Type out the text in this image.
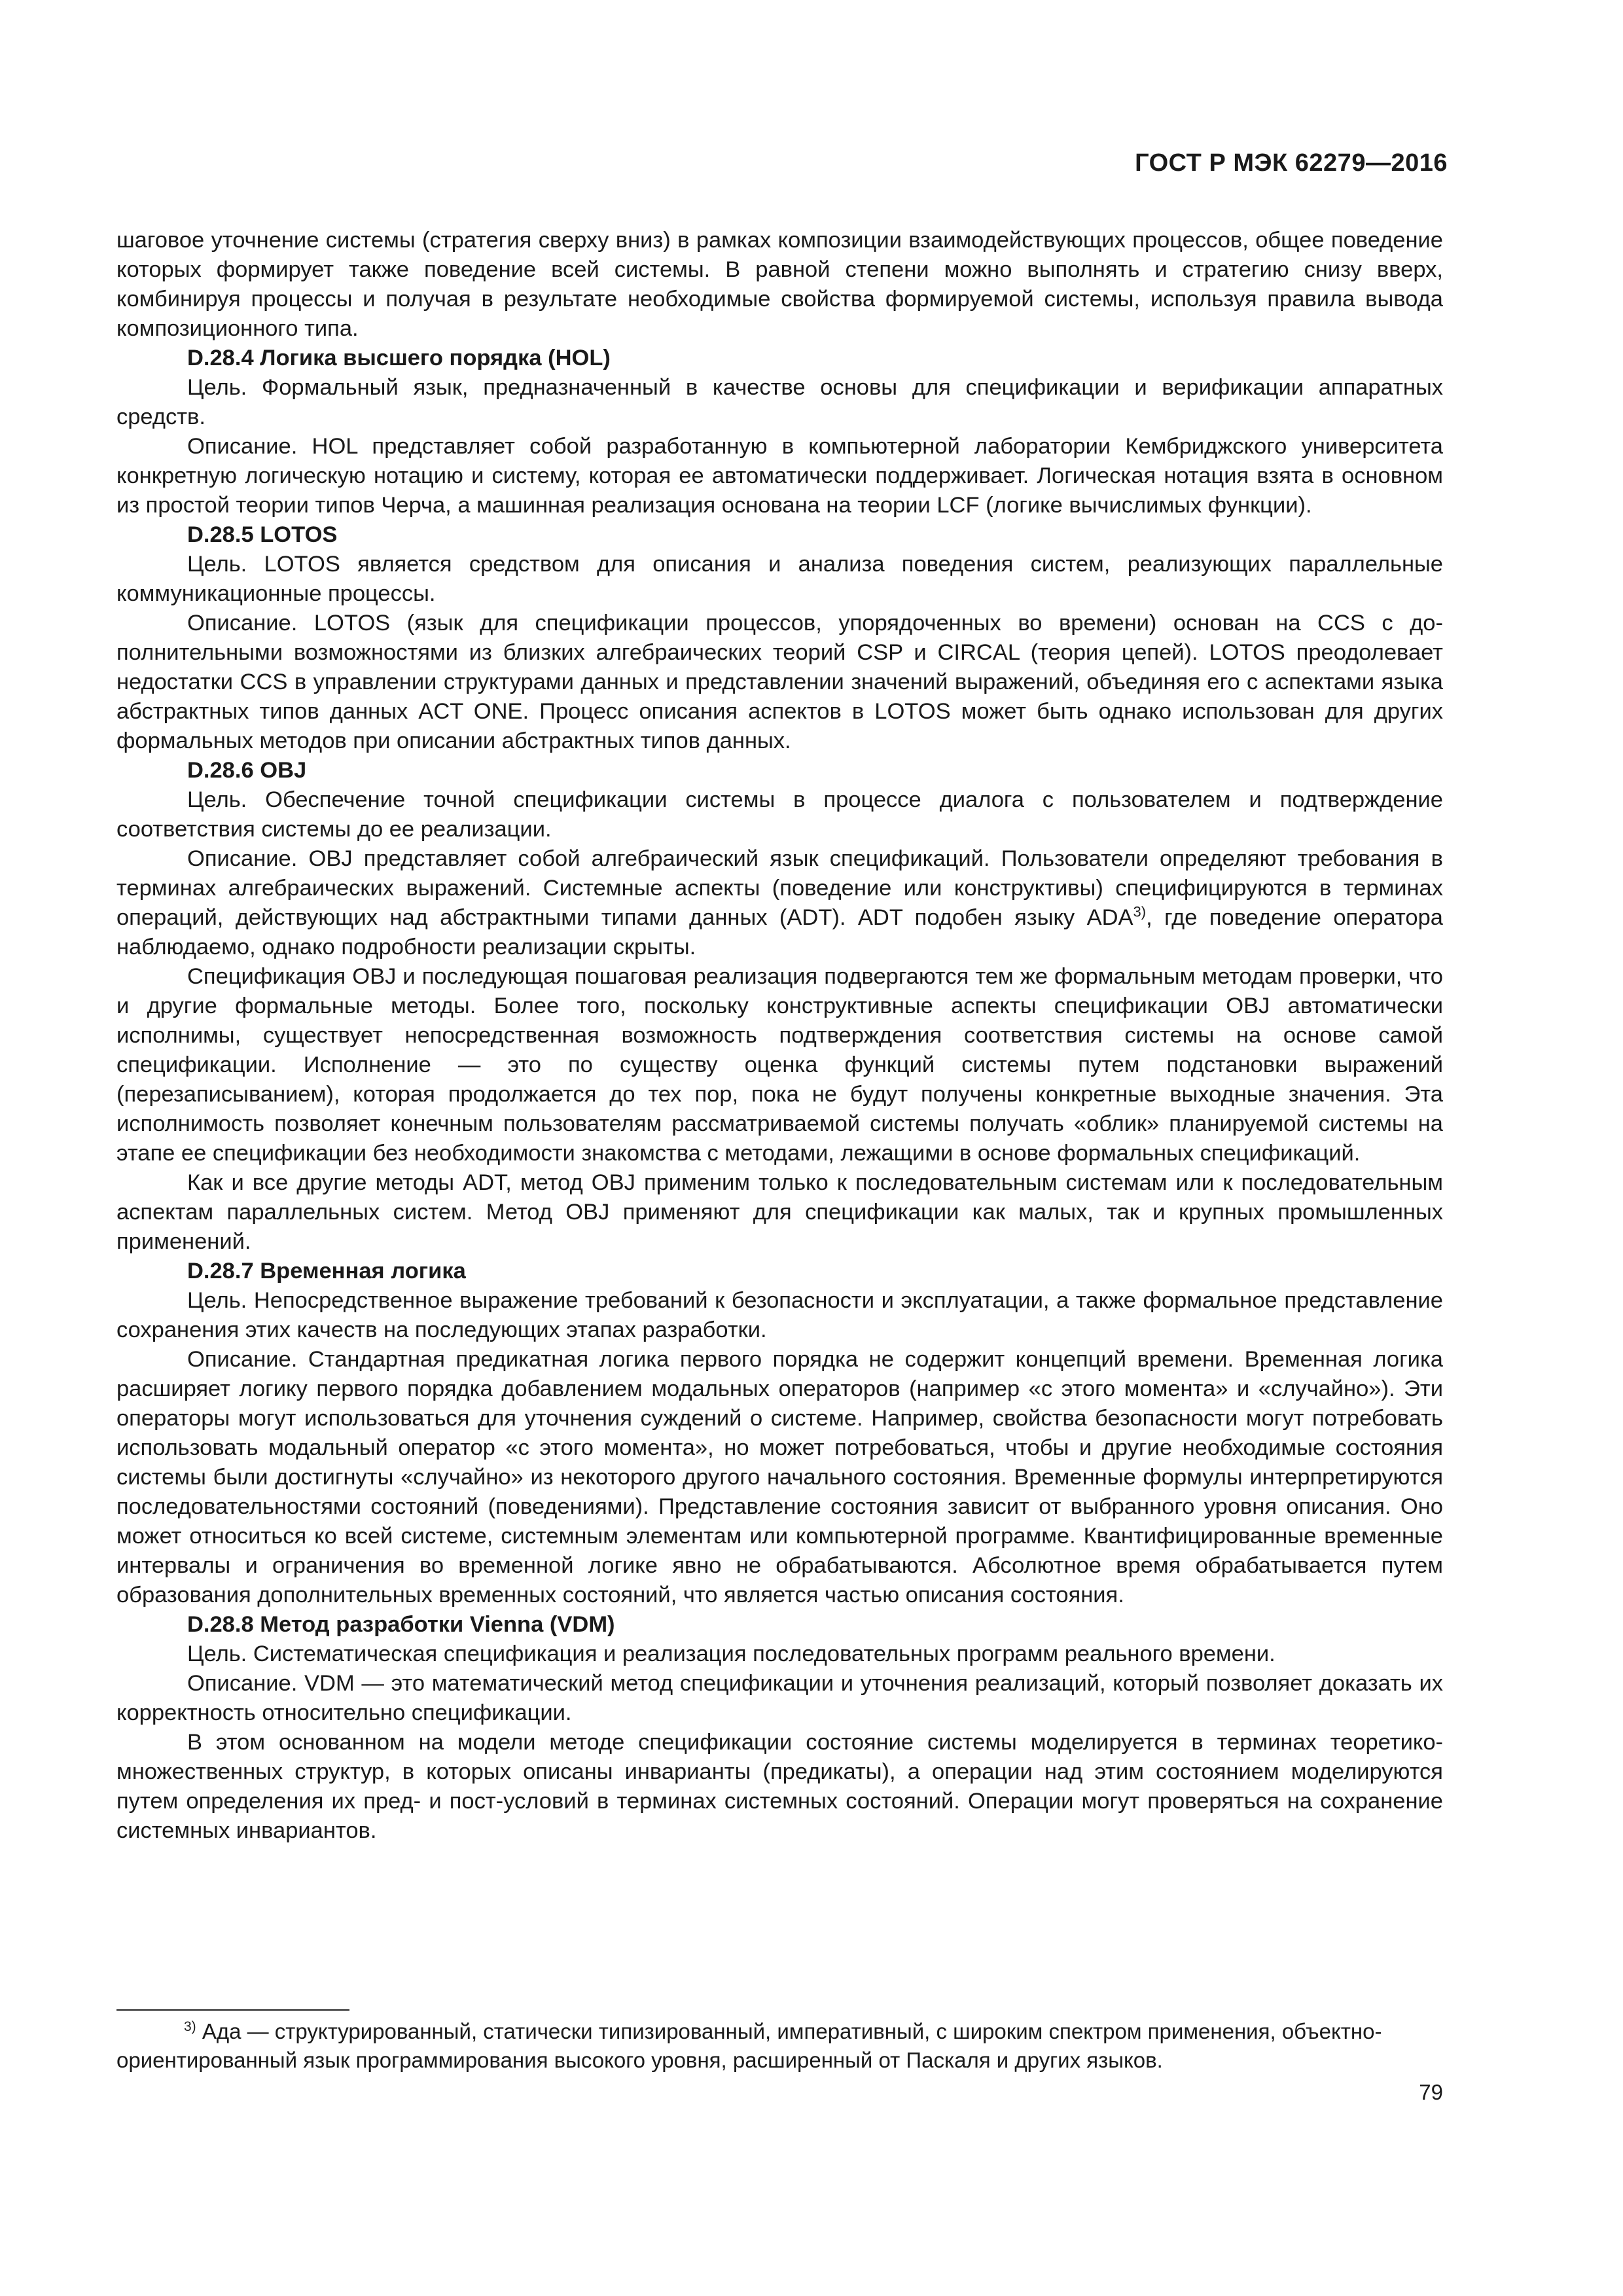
ГОСТ Р МЭК 62279—2016

шаговое уточнение системы (стратегия сверху вниз) в рамках композиции взаимодействующих процессов, общее поведение которых формирует также поведение всей системы. В равной степени можно выполнять и стратегию снизу вверх, комбинируя процессы и получая в результате необходимые свойства формируемой системы, используя правила вывода композиционного типа.

D.28.4 Логика высшего порядка (HOL)

Цель. Формальный язык, предназначенный в качестве основы для спецификации и верификации аппаратных средств.

Описание. HOL представляет собой разработанную в компьютерной лаборатории Кембриджского университета конкретную логическую нотацию и систему, которая ее автоматически поддерживает. Логическая нотация взята в основном из простой теории типов Черча, а машинная реализация основана на теории LCF (логике вычислимых функции).

D.28.5 LOTOS

Цель. LOTOS является средством для описания и анализа поведения систем, реализующих параллельные коммуникационные процессы.

Описание. LOTOS (язык для спецификации процессов, упорядоченных во времени) основан на CCS с дополнительными возможностями из близких алгебраических теорий CSP и CIRCAL (теория цепей). LOTOS преодолевает недостатки CCS в управлении структурами данных и представлении значений выражений, объединяя его с аспектами языка абстрактных типов данных ACT ONE. Процесс описания аспектов в LOTOS может быть однако использован для других формальных методов при описании абстрактных типов данных.

D.28.6 OBJ

Цель. Обеспечение точной спецификации системы в процессе диалога с пользователем и подтверждение соответствия системы до ее реализации.

Описание. OBJ представляет собой алгебраический язык спецификаций. Пользователи определяют требования в терминах алгебраических выражений. Системные аспекты (поведение или конструктивы) специфицируются в терминах операций, действующих над абстрактными типами данных (ADT). ADT подобен языку ADA$^{3)}$, где поведение оператора наблюдаемо, однако подробности реализации скрыты.

Спецификация OBJ и последующая пошаговая реализация подвергаются тем же формальным методам проверки, что и другие формальные методы. Более того, поскольку конструктивные аспекты спецификации OBJ автоматически исполнимы, существует непосредственная возможность подтверждения соответствия системы на основе самой спецификации. Исполнение — это по существу оценка функций системы путем подстановки выражений (перезаписыванием), которая продолжается до тех пор, пока не будут получены конкретные выходные значения. Эта исполнимость позволяет конечным пользователям рассматриваемой системы получать «облик» планируемой системы на этапе ее спецификации без необходимости знакомства с методами, лежащими в основе формальных спецификаций.

Как и все другие методы ADT, метод OBJ применим только к последовательным системам или к последовательным аспектам параллельных систем. Метод OBJ применяют для спецификации как малых, так и крупных промышленных применений.

D.28.7 Временная логика

Цель. Непосредственное выражение требований к безопасности и эксплуатации, а также формальное представление сохранения этих качеств на последующих этапах разработки.

Описание. Стандартная предикатная логика первого порядка не содержит концепций времени. Временная логика расширяет логику первого порядка добавлением модальных операторов (например «с этого момента» и «случайно»). Эти операторы могут использоваться для уточнения суждений о системе. Например, свойства безопасности могут потребовать использовать модальный оператор «с этого момента», но может потребоваться, чтобы и другие необходимые состояния системы были достигнуты «случайно» из некоторого другого начального состояния. Временные формулы интерпретируются последовательностями состояний (поведениями). Представление состояния зависит от выбранного уровня описания. Оно может относиться ко всей системе, системным элементам или компьютерной программе. Квантифицированные временные интервалы и ограничения во временной логике явно не обрабатываются. Абсолютное время обрабатывается путем образования дополнительных временных состояний, что является частью описания состояния.

D.28.8 Метод разработки Vienna (VDM)

Цель. Систематическая спецификация и реализация последовательных программ реального времени.

Описание. VDM — это математический метод спецификации и уточнения реализаций, который позволяет доказать их корректность относительно спецификации.

В этом основанном на модели методе спецификации состояние системы моделируется в терминах теоретико-множественных структур, в которых описаны инварианты (предикаты), а операции над этим состоянием моделируются путем определения их пред- и пост-условий в терминах системных состояний. Операции могут проверяться на сохранение системных инвариантов.

$^{3)}$ Ада — структурированный, статически типизированный, императивный, с широким спектром применения, объектно-ориентированный язык программирования высокого уровня, расширенный от Паскаля и других языков.

79
